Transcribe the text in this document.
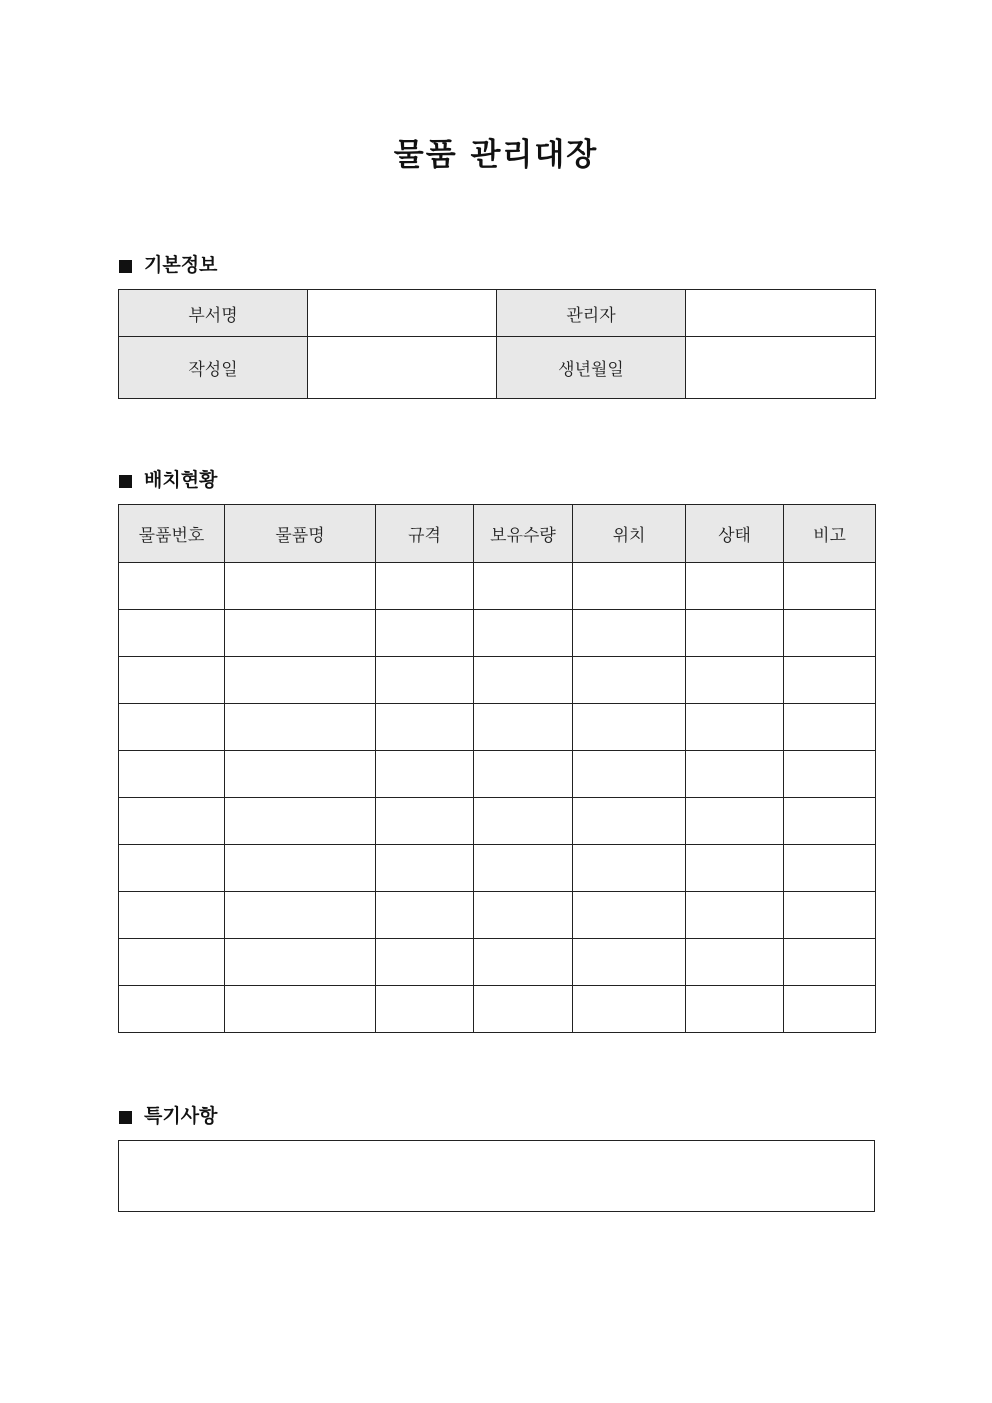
물품 관리대장
기본정보
부서명		관리자	
작성일		생년월일	
배치현황
물품번호	물품명	규격	보유수량	위치	상태	비고

특기사항
